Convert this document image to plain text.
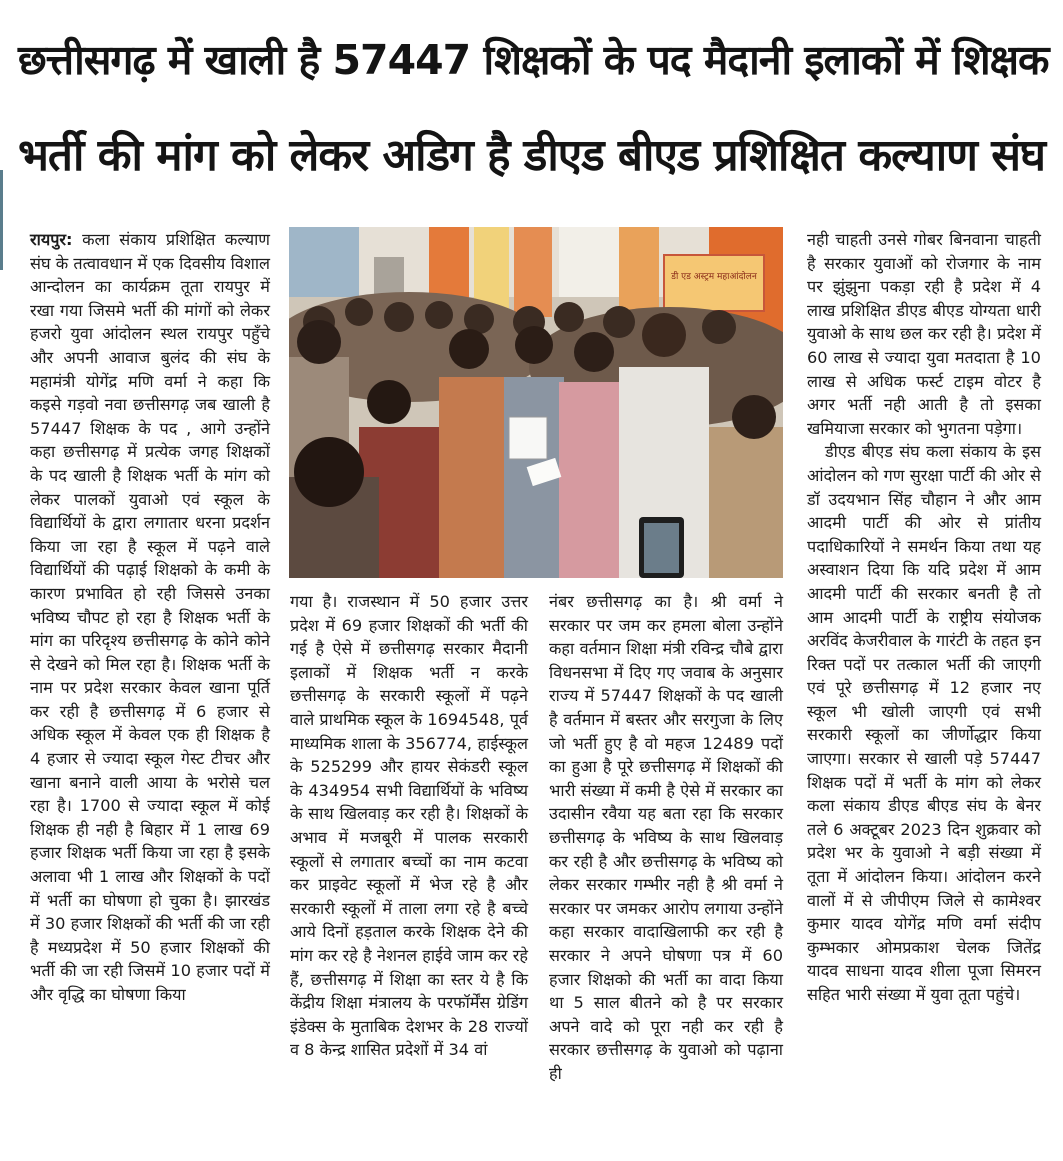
छत्तीसगढ़ में खाली है 57447 शिक्षकों के पद मैदानी इलाकों में शिक्षक
भर्ती की मांग को लेकर अडिग है डीएड बीएड प्रशिक्षित कल्याण संघ
रायपुर: कला संकाय प्रशिक्षित कल्याण संघ के तत्वावधान में एक दिवसीय विशाल आन्दोलन का कार्यक्रम तूता रायपुर में रखा गया जिसमे भर्ती की मांगों को लेकर हजरो युवा आंदोलन स्थल रायपुर पहुँचे और अपनी आवाज बुलंद की संघ के महामंत्री योगेंद्र मणि वर्मा ने कहा कि कइसे गड़वो नवा छत्तीसगढ़ जब खाली है 57447 शिक्षक के पद , आगे उन्होंने कहा छत्तीसगढ़ में प्रत्येक जगह शिक्षकों के पद खाली है शिक्षक भर्ती के मांग को लेकर पालकों युवाओ एवं स्कूल के विद्यार्थियों के द्वारा लगातार धरना प्रदर्शन किया जा रहा है स्कूल में पढ़ने वाले विद्यार्थियों की पढ़ाई शिक्षको के कमी के कारण प्रभावित हो रही जिससे उनका भविष्य चौपट हो रहा है शिक्षक भर्ती के मांग का परिदृश्य छत्तीसगढ़ के कोने कोने से देखने को मिल रहा है। शिक्षक भर्ती के नाम पर प्रदेश सरकार केवल खाना पूर्ति कर रही है छत्तीसगढ़ में 6 हजार से अधिक स्कूल में केवल एक ही शिक्षक है 4 हजार से ज्यादा स्कूल गेस्ट टीचर और खाना बनाने वाली आया के भरोसे चल रहा है। 1700 से ज्यादा स्कूल में कोई शिक्षक ही नही है बिहार में 1 लाख 69 हजार शिक्षक भर्ती किया जा रहा है इसके अलावा भी 1 लाख और शिक्षकों के पदों में भर्ती का घोषणा हो चुका है। झारखंड में 30 हजार शिक्षकों की भर्ती की जा रही है मध्यप्रदेश में 50 हजार शिक्षकों की भर्ती की जा रही जिसमें 10 हजार पदों में और वृद्धि का घोषणा किया
डी एड अस्ट्रम महाआंदोलन
गया है। राजस्थान में 50 हजार उत्तर प्रदेश में 69 हजार शिक्षकों की भर्ती की गई है ऐसे में छत्तीसगढ़ सरकार मैदानी इलाकों में शिक्षक भर्ती न करके छत्तीसगढ़ के सरकारी स्कूलों में पढ़ने वाले प्राथमिक स्कूल के 1694548, पूर्व माध्यमिक शाला के 356774, हाईस्कूल के 525299 और हायर सेकंडरी स्कूल के 434954 सभी विद्यार्थियों के भविष्य के साथ खिलवाड़ कर रही है। शिक्षकों के अभाव में मजबूरी में पालक सरकारी स्कूलों से लगातार बच्चों का नाम कटवा कर प्राइवेट स्कूलों में भेज रहे है और सरकारी स्कूलों में ताला लगा रहे है बच्चे आये दिनों हड़ताल करके शिक्षक देने की मांग कर रहे है नेशनल हाईवे जाम कर रहे हैं, छत्तीसगढ़ में शिक्षा का स्तर ये है कि केंद्रीय शिक्षा मंत्रालय के परफॉर्मेंस ग्रेडिंग इंडेक्स के मुताबिक देशभर के 28 राज्यों व 8 केन्द्र शासित प्रदेशों में 34 वां
नंबर छत्तीसगढ़ का है। श्री वर्मा ने सरकार पर जम कर हमला बोला उन्होंने कहा वर्तमान शिक्षा मंत्री रविन्द्र चौबे द्वारा विधनसभा में दिए गए जवाब के अनुसार राज्य में 57447 शिक्षकों के पद खाली है वर्तमान में बस्तर और सरगुजा के लिए जो भर्ती हुए है वो महज 12489 पदों का हुआ है पूरे छत्तीसगढ़ में शिक्षकों की भारी संख्या में कमी है ऐसे में सरकार का उदासीन रवैया यह बता रहा कि सरकार छत्तीसगढ़ के भविष्य के साथ खिलवाड़ कर रही है और छत्तीसगढ़ के भविष्य को लेकर सरकार गम्भीर नही है श्री वर्मा ने सरकार पर जमकर आरोप लगाया उन्होंने कहा सरकार वादाखिलाफी कर रही है सरकार ने अपने घोषणा पत्र में 60 हजार शिक्षको की भर्ती का वादा किया था 5 साल बीतने को है पर सरकार अपने वादे को पूरा नही कर रही है सरकार छत्तीसगढ़ के युवाओ को पढ़ाना ही

नही चाहती उनसे गोबर बिनवाना चाहती है सरकार युवाओं को रोजगार के नाम पर झुंझुना पकड़ा रही है प्रदेश में 4 लाख प्रशिक्षित डीएड बीएड योग्यता धारी युवाओ के साथ छल कर रही है। प्रदेश में 60 लाख से ज्यादा युवा मतदाता है 10 लाख से अधिक फर्स्ट टाइम वोटर है अगर भर्ती नही आती है तो इसका खमियाजा सरकार को भुगतना पड़ेगा।

डीएड बीएड संघ कला संकाय के इस आंदोलन को गण सुरक्षा पार्टी की ओर से डॉ उदयभान सिंह चौहान ने और आम आदमी पार्टी की ओर से प्रांतीय पदाधिकारियों ने समर्थन किया तथा यह अस्वाशन दिया कि यदि प्रदेश में आम आदमी पार्टी की सरकार बनती है तो आम आदमी पार्टी के राष्ट्रीय संयोजक अरविंद केजरीवाल के गारंटी के तहत इन रिक्त पदों पर तत्काल भर्ती की जाएगी एवं पूरे छत्तीसगढ़ में 12 हजार नए स्कूल भी खोली जाएगी एवं सभी सरकारी स्कूलों का जीर्णोद्धार किया जाएगा। सरकार से खाली पड़े 57447 शिक्षक पदों में भर्ती के मांग को लेकर कला संकाय डीएड बीएड संघ के बेनर तले 6 अक्टूबर 2023 दिन शुक्रवार को प्रदेश भर के युवाओ ने बड़ी संख्या में तूता में आंदोलन किया। आंदोलन करने वालों में से जीपीएम जिले से कामेश्वर कुमार यादव योगेंद्र मणि वर्मा संदीप कुम्भकार ओमप्रकाश चेलक जितेंद्र यादव साधना यादव शीला पूजा सिमरन सहित भारी संख्या में युवा तूता पहुंचे।
